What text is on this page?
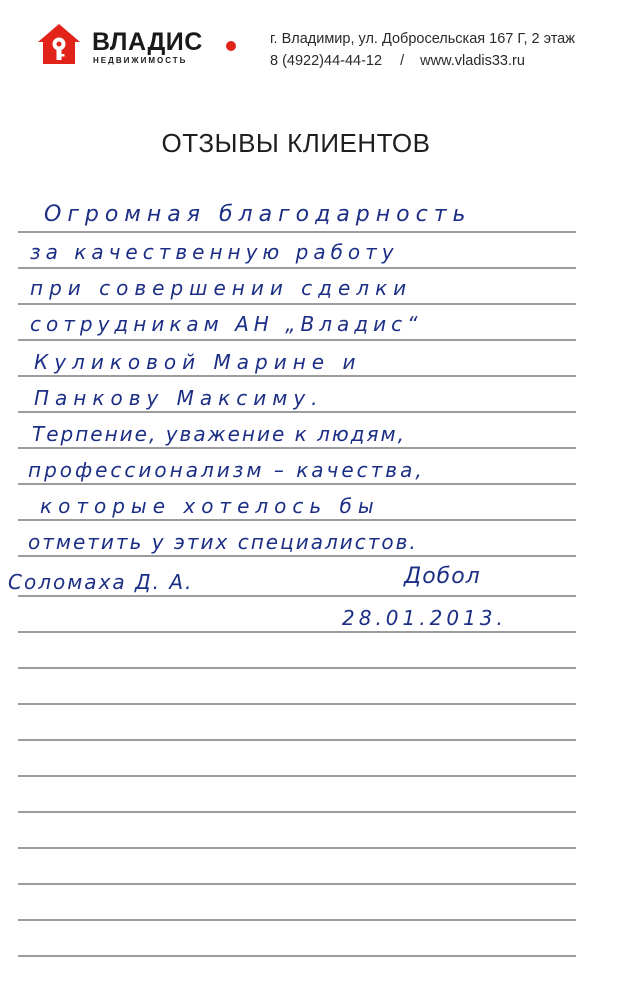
ВЛАДИС
НЕДВИЖИМОСТЬ
г. Владимир, ул. Добросельская 167 Г, 2 этаж
8 (4922)44-44-12 / www.vladis33.ru
ОТЗЫВЫ КЛИЕНТОВ
Огромная благодарность
за качественную работу
при совершении сделки
сотрудникам АН „Владис“
Куликовой Марине и
Панкову Максиму.
Терпение, уважение к людям,
профессионализм – качества,
которые хотелось бы
отметить у этих специалистов.
Соломаха Д. А.	Добол
28.01.2013.
